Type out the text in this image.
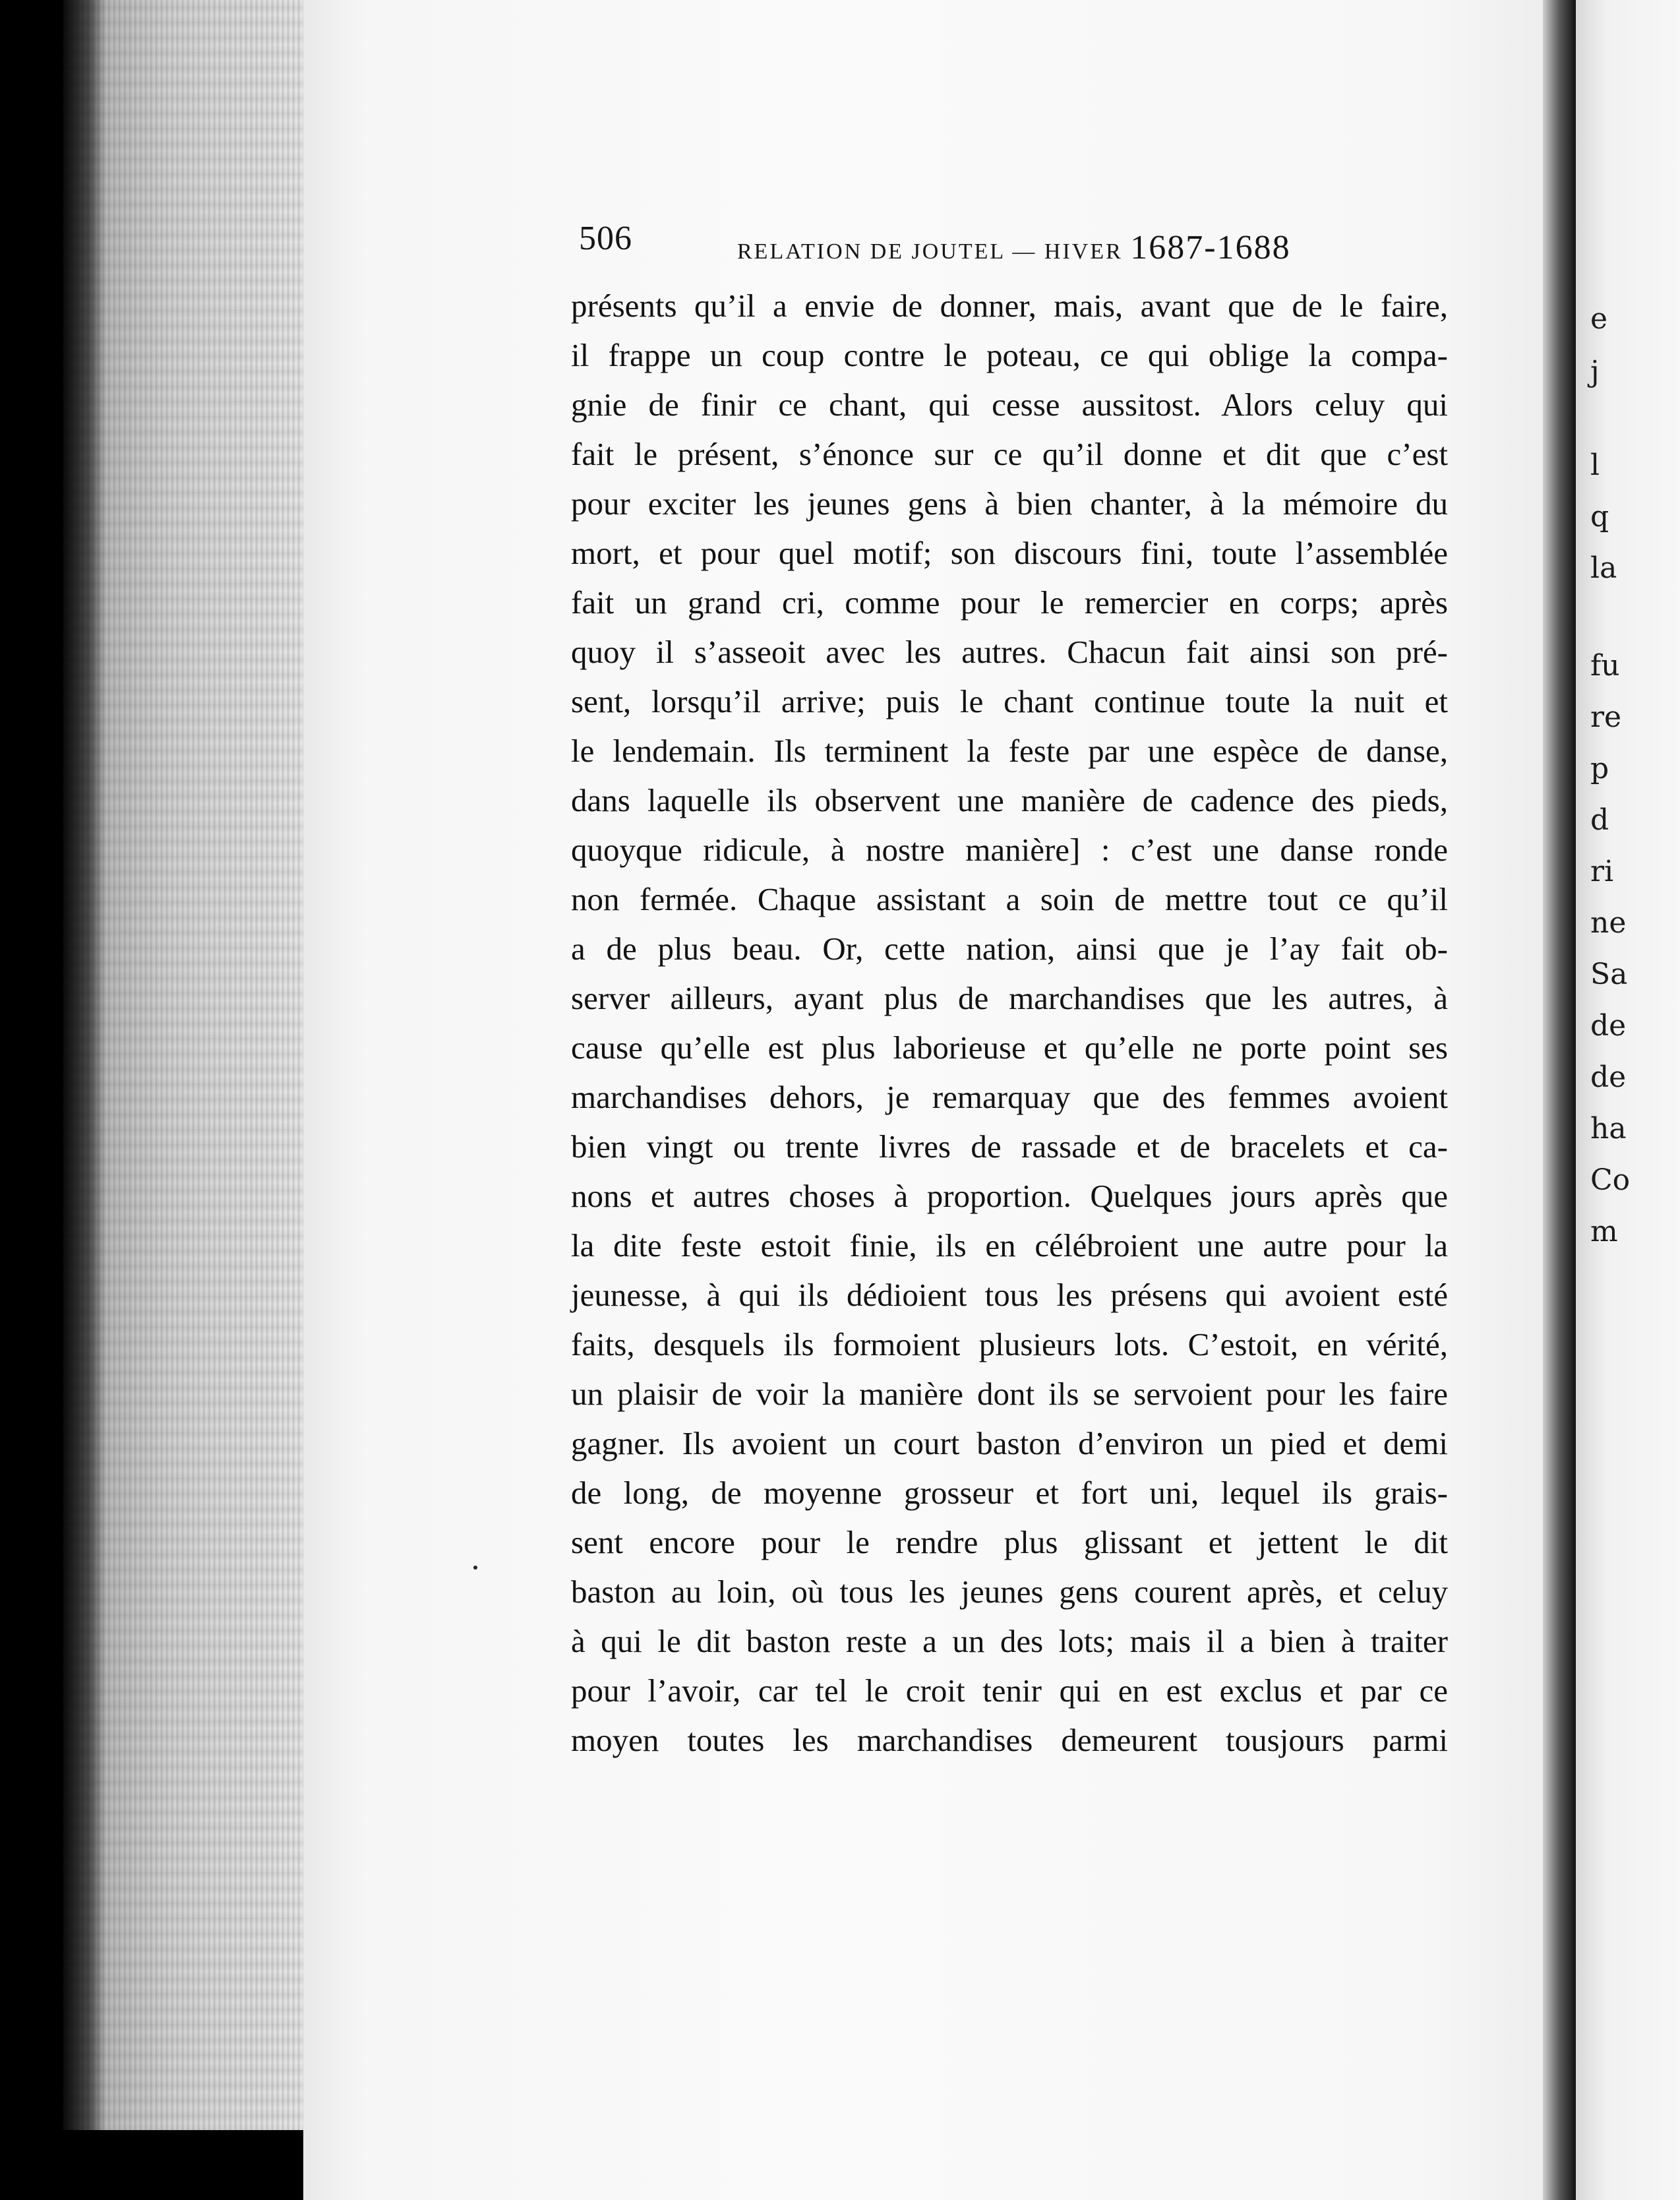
506	RELATION DE JOUTEL — HIVER 1687-1688
présents qu’il a envie de donner, mais, avant que de le faire,
il frappe un coup contre le poteau, ce qui oblige la compa-
gnie de finir ce chant, qui cesse aussitost. Alors celuy qui
fait le présent, s’énonce sur ce qu’il donne et dit que c’est
pour exciter les jeunes gens à bien chanter, à la mémoire du
mort, et pour quel motif; son discours fini, toute l’assemblée
fait un grand cri, comme pour le remercier en corps; après
quoy il s’asseoit avec les autres. Chacun fait ainsi son pré-
sent, lorsqu’il arrive; puis le chant continue toute la nuit et
le lendemain. Ils terminent la feste par une espèce de danse,
dans laquelle ils observent une manière de cadence des pieds,
quoyque ridicule, à nostre manière] : c’est une danse ronde
non fermée. Chaque assistant a soin de mettre tout ce qu’il
a de plus beau. Or, cette nation, ainsi que je l’ay fait ob-
server ailleurs, ayant plus de marchandises que les autres, à
cause qu’elle est plus laborieuse et qu’elle ne porte point ses
marchandises dehors, je remarquay que des femmes avoient
bien vingt ou trente livres de rassade et de bracelets et ca-
nons et autres choses à proportion. Quelques jours après que
la dite feste estoit finie, ils en célébroient une autre pour la
jeunesse, à qui ils dédioient tous les présens qui avoient esté
faits, desquels ils formoient plusieurs lots. C’estoit, en vérité,
un plaisir de voir la manière dont ils se servoient pour les faire
gagner. Ils avoient un court baston d’environ un pied et demi
de long, de moyenne grosseur et fort uni, lequel ils grais-
sent encore pour le rendre plus glissant et jettent le dit
baston au loin, où tous les jeunes gens courent après, et celuy
à qui le dit baston reste a un des lots; mais il a bien à traiter
pour l’avoir, car tel le croit tenir qui en est exclus et par ce
moyen toutes les marchandises demeurent tousjours parmi
e
j
l
q
la
fu
re
p
d
ri
ne
Sa
de
de
ha
Co
m
